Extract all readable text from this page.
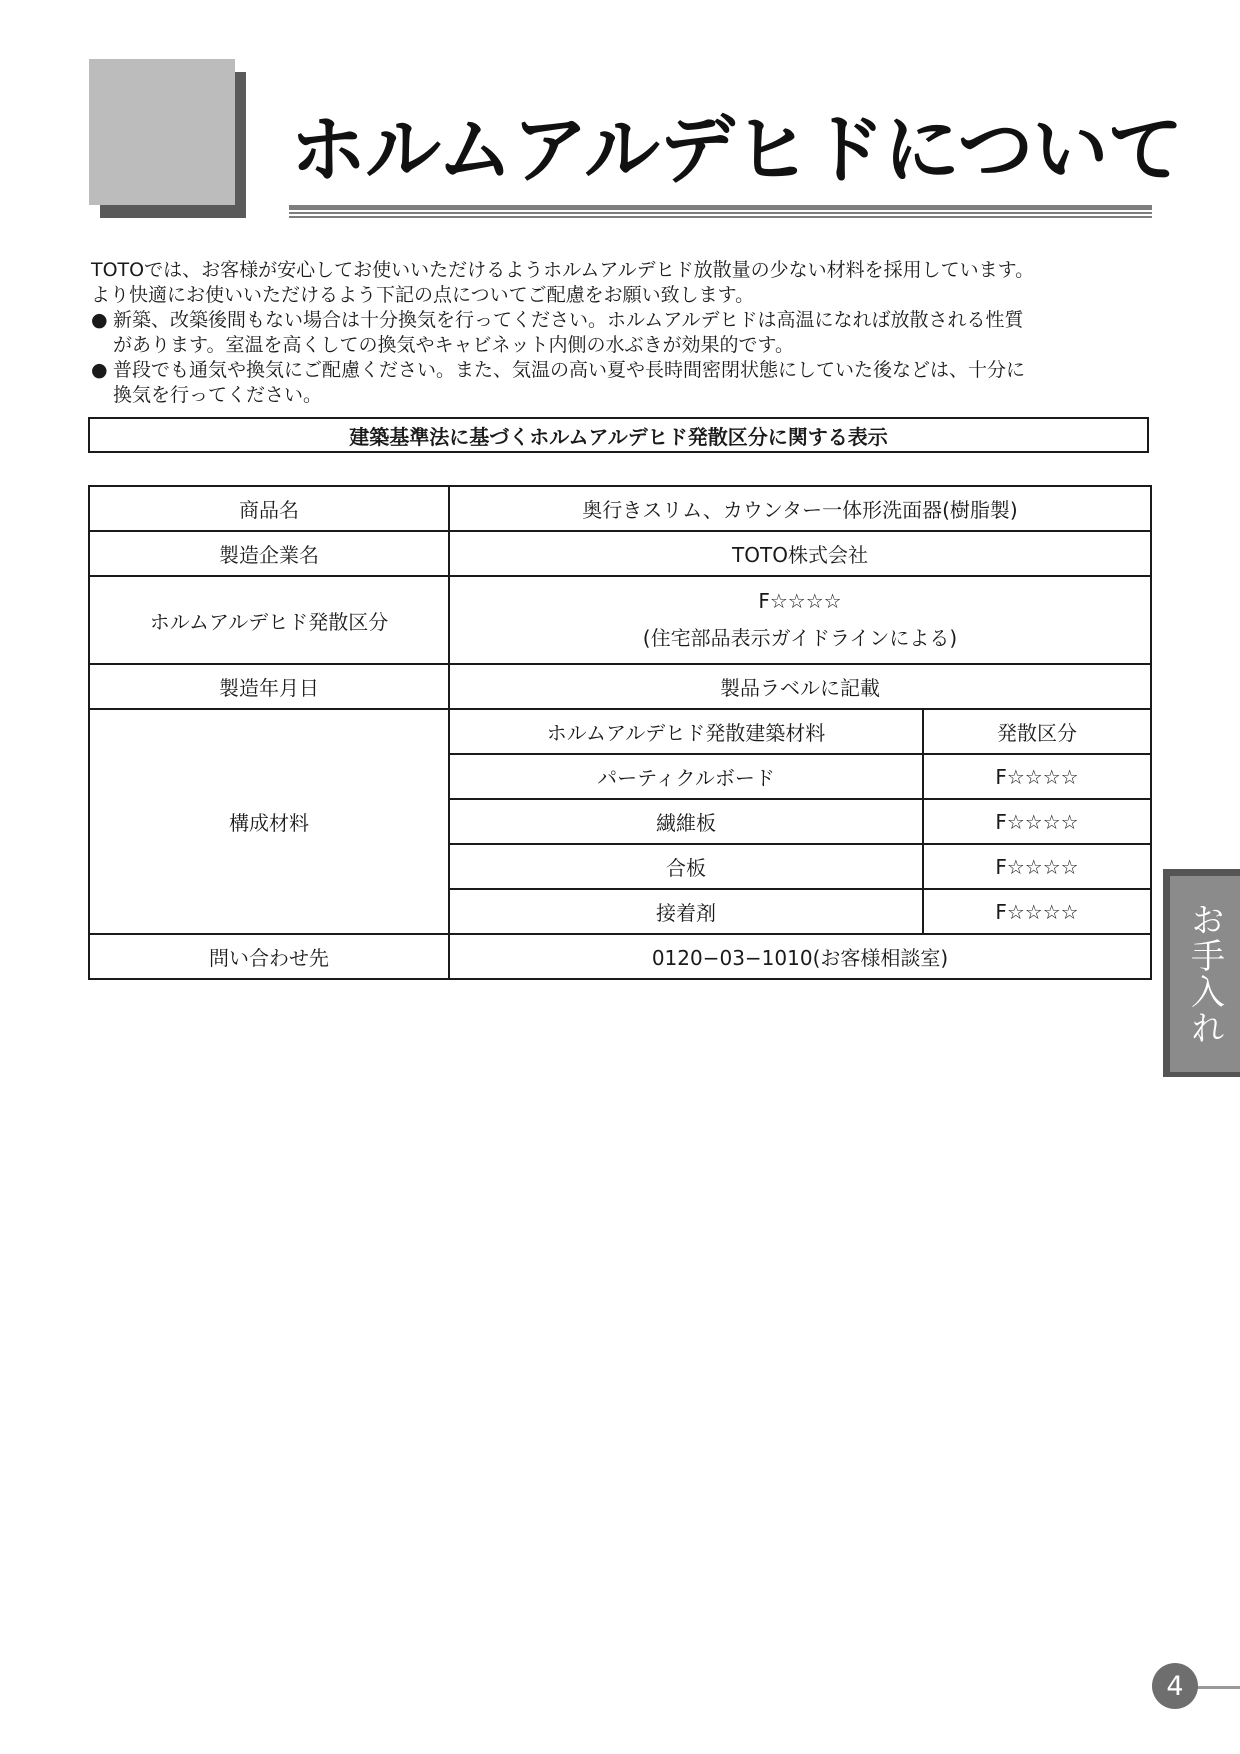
ホルムアルデヒドについて

TOTOでは、お客様が安心してお使いいただけるようホルムアルデヒド放散量の少ない材料を採用しています。

より快適にお使いいただけるよう下記の点についてご配慮をお願い致します。

● 新築、改築後間もない場合は十分換気を行ってください。ホルムアルデヒドは高温になれば放散される性質
があります。室温を高くしての換気やキャビネット内側の水ぶきが効果的です。
● 普段でも通気や換気にご配慮ください。また、気温の高い夏や長時間密閉状態にしていた後などは、十分に
換気を行ってください。
建築基準法に基づくホルムアルデヒド発散区分に関する表示
商品名	奥行きスリム、カウンター一体形洗面器(樹脂製)	
製造企業名	TOTO株式会社	
ホルムアルデヒド発散区分	F☆☆☆☆
(住宅部品表示ガイドラインによる)	

製造年月日	製品ラベルに記載	
構成材料	ホルムアルデヒド発散建築材料	発散区分
	パーティクルボード	F☆☆☆☆
	繊維板	F☆☆☆☆
	合板	F☆☆☆☆
	接着剤	F☆☆☆☆
問い合わせ先	0120−03−1010(お客様相談室)		お手入れ
4
